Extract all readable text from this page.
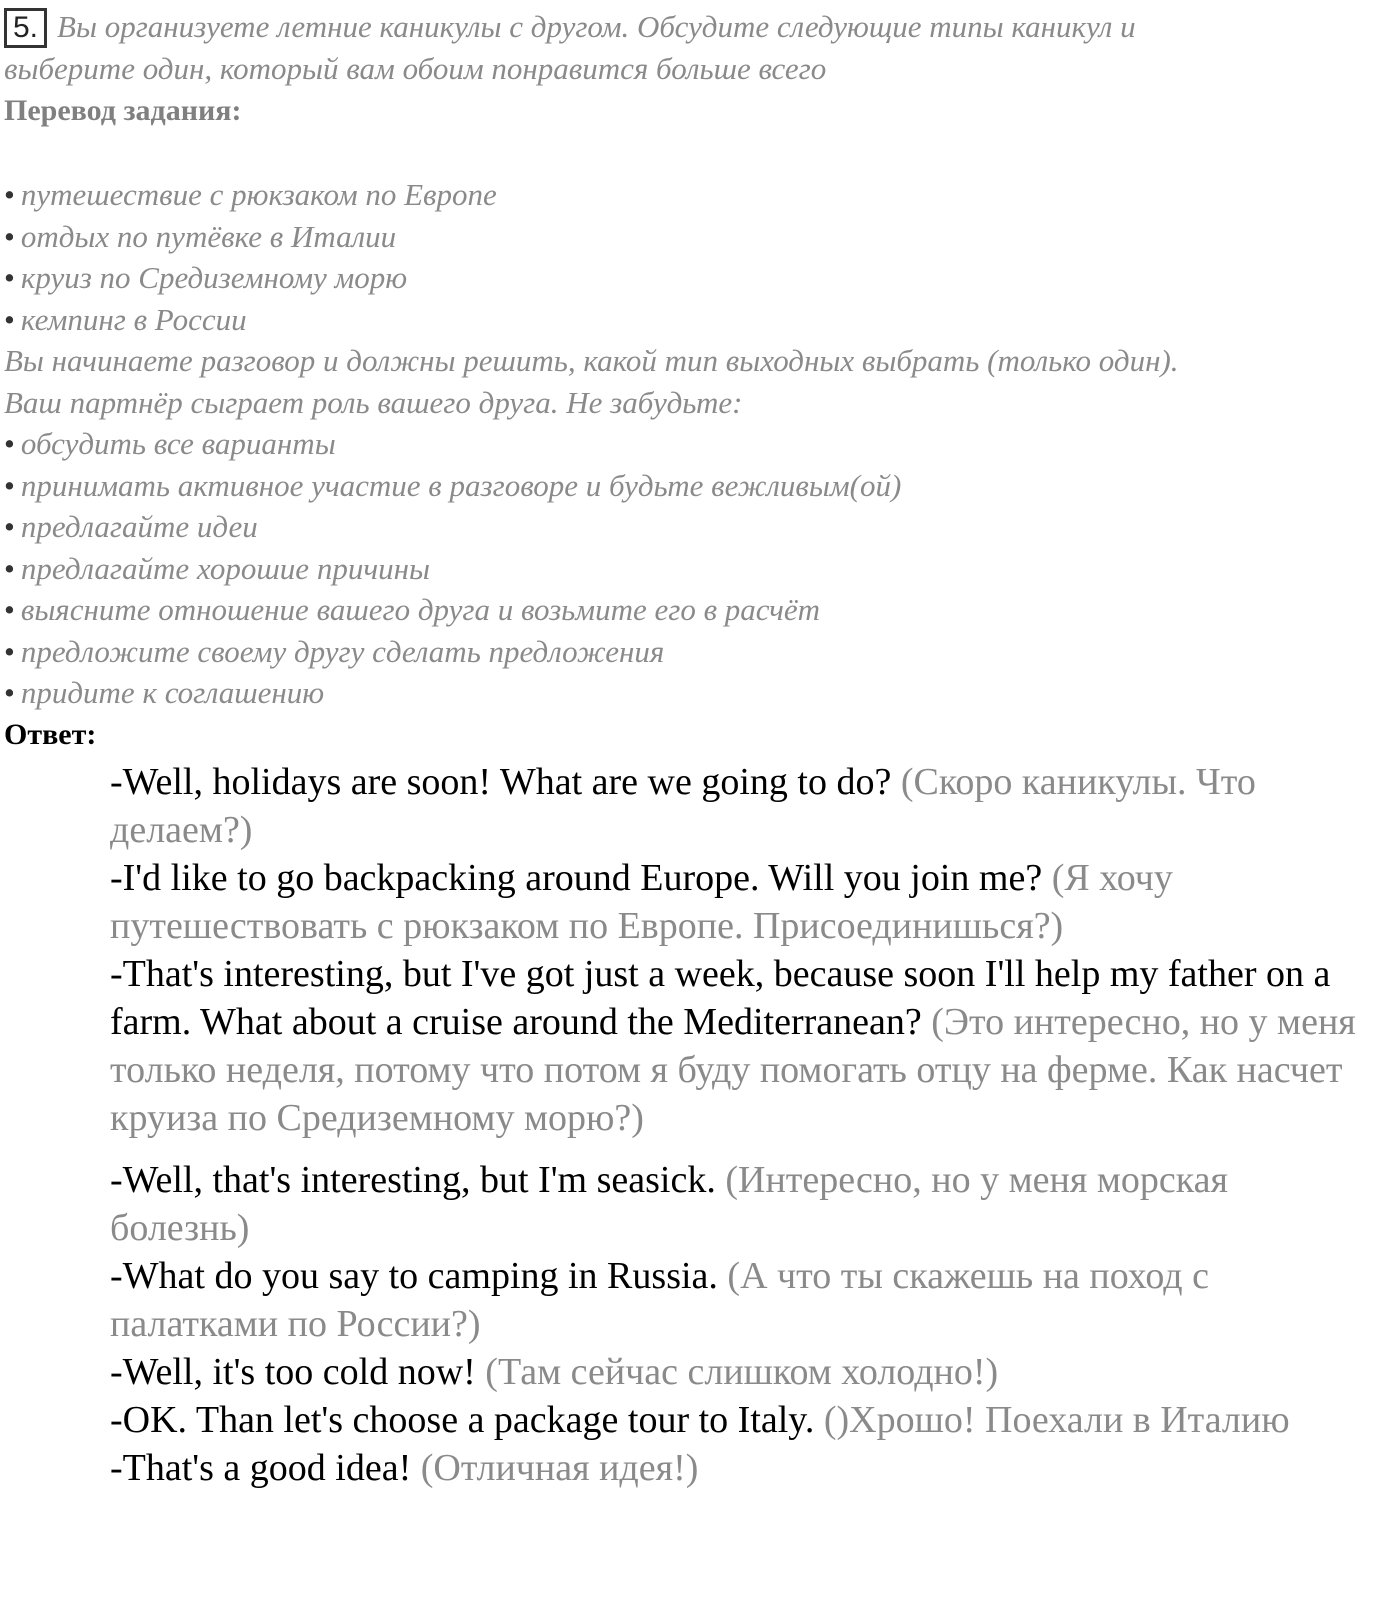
5. Вы организуете летние каникулы с другом. Обсудите следующие типы каникул и
выберите один, который вам обоим понравится больше всего
Перевод задания:
• путешествие с рюкзаком по Европе
• отдых по путёвке в Италии
• круиз по Средиземному морю
• кемпинг в России
Вы начинаете разговор и должны решить, какой тип выходных выбрать (только один).
Ваш партнёр сыграет роль вашего друга. Не забудьте:
• обсудить все варианты
• принимать активное участие в разговоре и будьте вежливым(ой)
• предлагайте идеи
• предлагайте хорошие причины
• выясните отношение вашего друга и возьмите его в расчёт
• предложите своему другу сделать предложения
• придите к соглашению
Ответ:
-Well, holidays are soon! What are we going to do? (Скоро каникулы. Что делаем?)
-I'd like to go backpacking around Europe. Will you join me? (Я хочу путешествовать с рюкзаком по Европе. Присоединишься?)
-That's interesting, but I've got just a week, because soon I'll help my father on a farm. What about a cruise around the Mediterranean? (Это интересно, но у меня только неделя, потому что потом я буду помогать отцу на ферме. Как насчет круиза по Средиземному морю?)
-Well, that's interesting, but I'm seasick. (Интересно, но у меня морская болезнь)
-What do you say to camping in Russia. (А что ты скажешь на поход с палатками по России?)
-Well, it's too cold now! (Там сейчас слишком холодно!)
-OK. Than let's choose a package tour to Italy. ()Хрошо! Поехали в Италию
-That's a good idea! (Отличная идея!)
